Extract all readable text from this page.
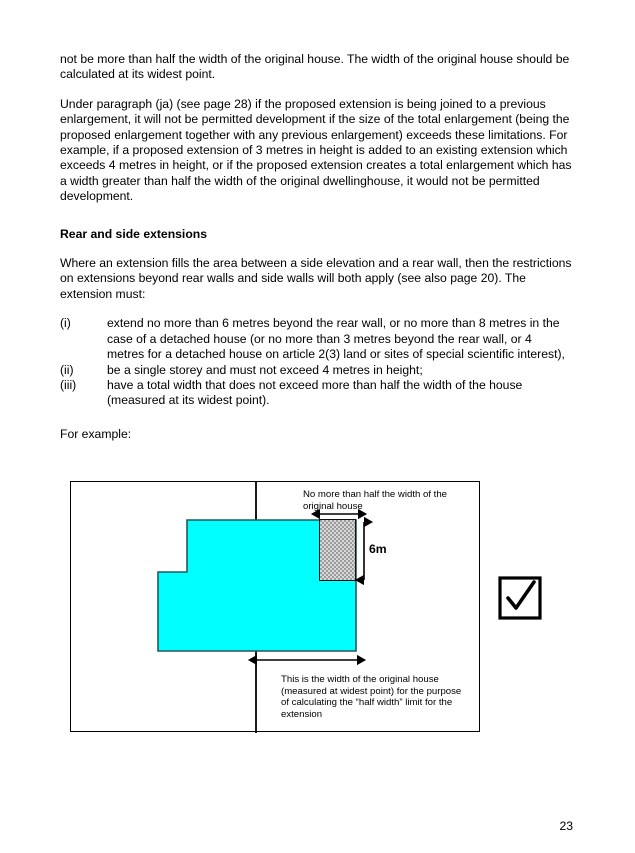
not be more than half the width of the original house. The width of the original house should be calculated at its widest point.

Under paragraph (ja) (see page 28) if the proposed extension is being joined to a previous enlargement, it will not be permitted development if the size of the total enlargement (being the proposed enlargement together with any previous enlargement) exceeds these limitations. For example, if a proposed extension of 3 metres in height is added to an existing extension which exceeds 4 metres in height, or if the proposed extension creates a total enlargement which has a width greater than half the width of the original dwellinghouse, it would not be permitted development.

Rear and side extensions

Where an extension fills the area between a side elevation and a rear wall, then the restrictions on extensions beyond rear walls and side walls will both apply (see also page 20). The extension must:

(i)	extend no more than 6 metres beyond the rear wall, or no more than 8 metres in the case of a detached house (or no more than 3 metres beyond the rear wall, or 4 metres for a detached house on article 2(3) land or sites of special scientific interest),
(ii)	be a single storey and must not exceed 4 metres in height;
(iii)	have a total width that does not exceed more than half the width of the house (measured at its widest point).

For example:

No more than half the width of the original house
6m
This is the width of the original house (measured at widest point) for the purpose of calculating the “half width” limit for the extension
23
